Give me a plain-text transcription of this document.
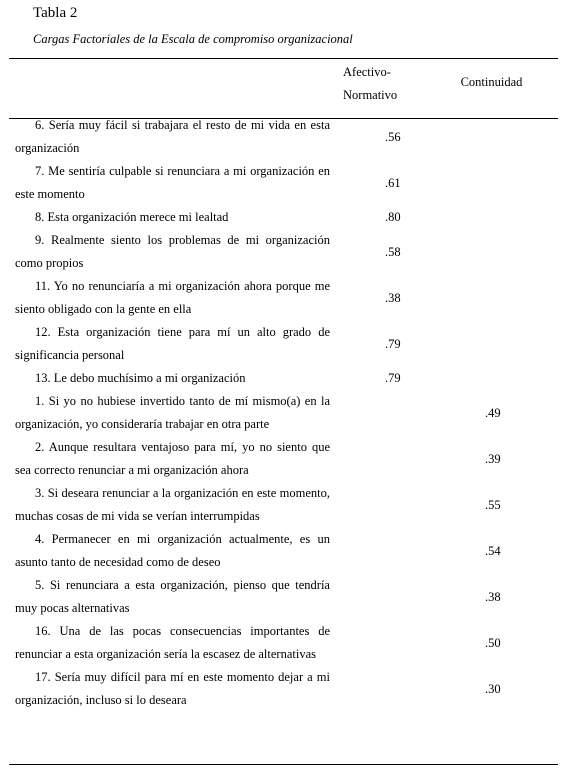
Tabla 2
Cargas Factoriales de la Escala de compromiso organizacional
Afectivo-
Normativo
Continuidad
6. Sería muy fácil si trabajara el resto de mi vida en esta organización
.56
7. Me sentiría culpable si renunciara a mi organización en este momento
.61
8. Esta organización merece mi lealtad	.80
9. Realmente siento los problemas de mi organización como propios
.58
11. Yo no renunciaría a mi organización ahora porque me siento obligado con la gente en ella
.38
12. Esta organización tiene para mí un alto grado de significancia personal
.79
13. Le debo muchísimo a mi organización	.79
1. Si yo no hubiese invertido tanto de mí mismo(a) en la organización, yo consideraría trabajar en otra parte
.49
2. Aunque resultara ventajoso para mí, yo no siento que sea correcto renunciar a mi organización ahora
.39
3. Si deseara renunciar a la organización en este momento, muchas cosas de mi vida se verían interrumpidas
.55
4. Permanecer en mi organización actualmente, es un asunto tanto de necesidad como de deseo
.54
5. Si renunciara a esta organización, pienso que tendría muy pocas alternativas
.38
16. Una de las pocas consecuencias importantes de renunciar a esta organización sería la escasez de alternativas
.50
17. Sería muy difícil para mí en este momento dejar a mi organización, incluso si lo deseara
.30
